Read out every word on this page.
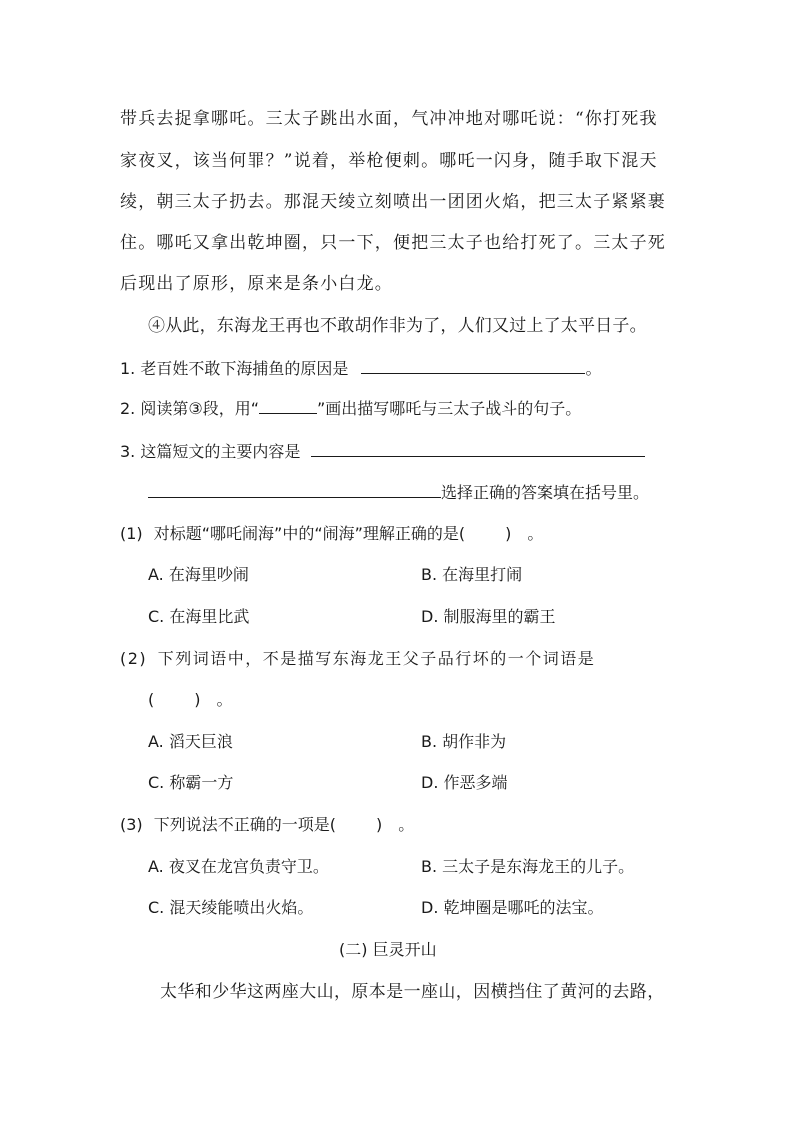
带兵去捉拿哪吒。三太子跳出水面，气冲冲地对哪吒说：“你打死我
家夜叉，该当何罪？”说着，举枪便刺。哪吒一闪身，随手取下混天
绫，朝三太子扔去。那混天绫立刻喷出一团团火焰，把三太子紧紧裹
住。哪吒又拿出乾坤圈，只一下，便把三太子也给打死了。三太子死
后现出了原形，原来是条小白龙。
④从此，东海龙王再也不敢胡作非为了，人们又过上了太平日子。
1. 老百姓不敢下海捕鱼的原因是	。
2. 阅读第③段，用“	”画出描写哪吒与三太子战斗的句子。
3. 这篇短文的主要内容是
选择正确的答案填在括号里。
(1) 对标题“哪吒闹海”中的“闹海”理解正确的是(	)　。
A. 在海里吵闹	B. 在海里打闹
C. 在海里比武	D. 制服海里的霸王
(2) 下列词语中，不是描写东海龙王父子品行坏的一个词语是
(	)　。
A. 滔天巨浪	B. 胡作非为
C. 称霸一方	D. 作恶多端
(3) 下列说法不正确的一项是(	)　。
A. 夜叉在龙宫负责守卫。	B. 三太子是东海龙王的儿子。
C. 混天绫能喷出火焰。	D. 乾坤圈是哪吒的法宝。
(二) 巨灵开山
太华和少华这两座大山，原本是一座山，因横挡住了黄河的去路，
